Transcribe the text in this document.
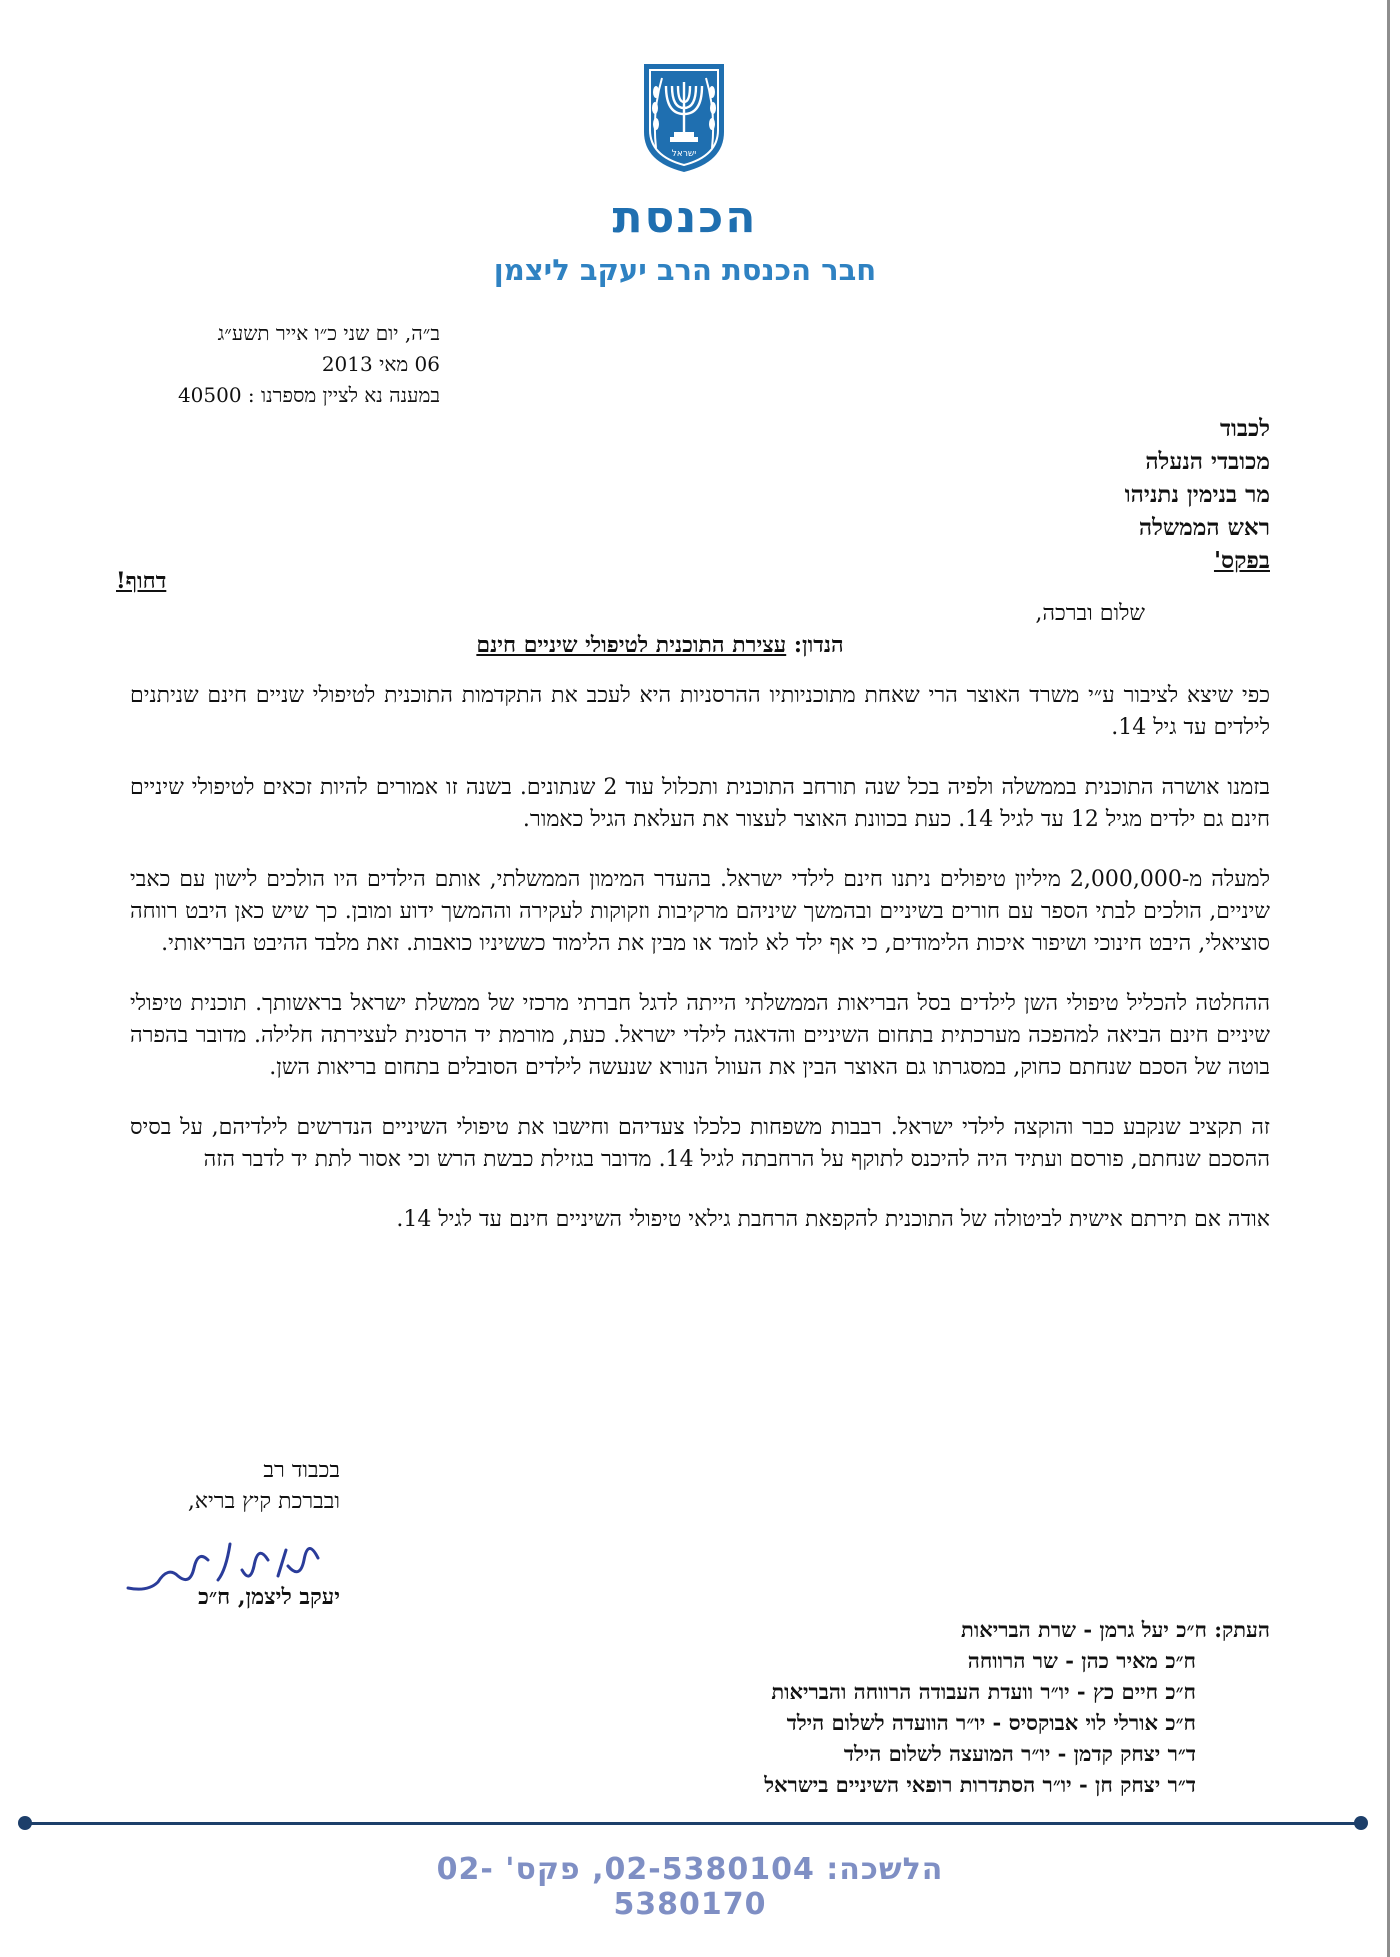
ישראל
הכנסת
חבר הכנסת הרב יעקב ליצמן
ב״ה, יום שני כ״ו אייר תשע״ג
06 מאי 2013
במענה נא לציין מספרנו : 40500
לכבוד
מכובדי הנעלה
מר בנימין נתניהו
ראש הממשלה
בפקס'
דחוף!
שלום וברכה,
הנדון: עצירת התוכנית לטיפולי שיניים חינם

כפי שיצא לציבור ע״י משרד האוצר הרי שאחת מתוכניותיו ההרסניות היא לעכב את התקדמות התוכנית לטיפולי שניים חינם שניתנים לילדים עד גיל 14.

בזמנו אושרה התוכנית בממשלה ולפיה בכל שנה תורחב התוכנית ותכלול עוד 2 שנתונים. בשנה זו אמורים להיות זכאים לטיפולי שיניים חינם גם ילדים מגיל 12 עד לגיל 14. כעת בכוונת האוצר לעצור את העלאת הגיל כאמור.

למעלה מ-2,000,000 מיליון טיפולים ניתנו חינם לילדי ישראל. בהעדר המימון הממשלתי, אותם הילדים היו הולכים לישון עם כאבי שיניים, הולכים לבתי הספר עם חורים בשיניים ובהמשך שיניהם מרקיבות וזקוקות לעקירה וההמשך ידוע ומובן. כך שיש כאן היבט רווחה סוציאלי, היבט חינוכי ושיפור איכות הלימודים, כי אף ילד לא לומד או מבין את הלימוד כששיניו כואבות. זאת מלבד ההיבט הבריאותי.

ההחלטה להכליל טיפולי השן לילדים בסל הבריאות הממשלתי הייתה לדגל חברתי מרכזי של ממשלת ישראל בראשותך. תוכנית טיפולי שיניים חינם הביאה למהפכה מערכתית בתחום השיניים והדאגה לילדי ישראל. כעת, מורמת יד הרסנית לעצירתה חלילה. מדובר בהפרה בוטה של הסכם שנחתם כחוק, במסגרתו גם האוצר הבין את העוול הנורא שנעשה לילדים הסובלים בתחום בריאות השן.

זה תקציב שנקבע כבר והוקצה לילדי ישראל. רבבות משפחות כלכלו צעדיהם וחישבו את טיפולי השיניים הנדרשים לילדיהם, על בסיס ההסכם שנחתם, פורסם ועתיד היה להיכנס לתוקף על הרחבתה לגיל 14. מדובר בגזילת כבשת הרש וכי אסור לתת יד לדבר הזה

אודה אם תירתם אישית לביטולה של התוכנית להקפאת הרחבת גילאי טיפולי השיניים חינם עד לגיל 14.

בכבוד רב
ובברכת קיץ בריא,
יעקב ליצמן, ח״כ
העתק: ח״כ יעל גרמן - שרת הבריאות
ח״כ מאיר כהן - שר הרווחה
ח״כ חיים כץ - יו״ר וועדת העבודה הרווחה והבריאות
ח״כ אורלי לוי אבוקסיס - יו״ר הוועדה לשלום הילד
ד״ר יצחק קדמן - יו״ר המועצה לשלום הילד
ד״ר יצחק חן - יו״ר הסתדרות רופאי השיניים בישראל
הלשכה: 02-5380104, פקס' 02-5380170
